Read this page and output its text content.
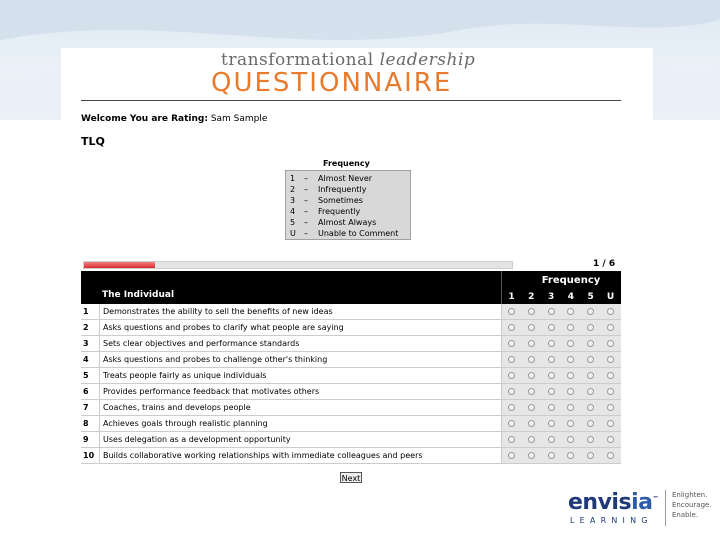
transformational leadership
QUESTIONNAIRE
Welcome You are Rating: Sam Sample
TLQ
Frequency
1 – Almost Never
2 – Infrequently
3 – Sometimes
4 – Frequently
5 – Almost Always
U – Unable to Comment
1 / 6
Frequency
The Individual	1	2	3	4	5	U
1	Demonstrates the ability to sell the benefits of new ideas
2	Asks questions and probes to clarify what people are saying
3	Sets clear objectives and performance standards
4	Asks questions and probes to challenge other's thinking
5	Treats people fairly as unique individuals
6	Provides performance feedback that motivates others
7	Coaches, trains and develops people
8	Achieves goals through realistic planning
9	Uses delegation as a development opportunity
10	Builds collaborative working relationships with immediate colleagues and peers
Next
envisia™
LEARNING
Enlighten.
Encourage.
Enable.
